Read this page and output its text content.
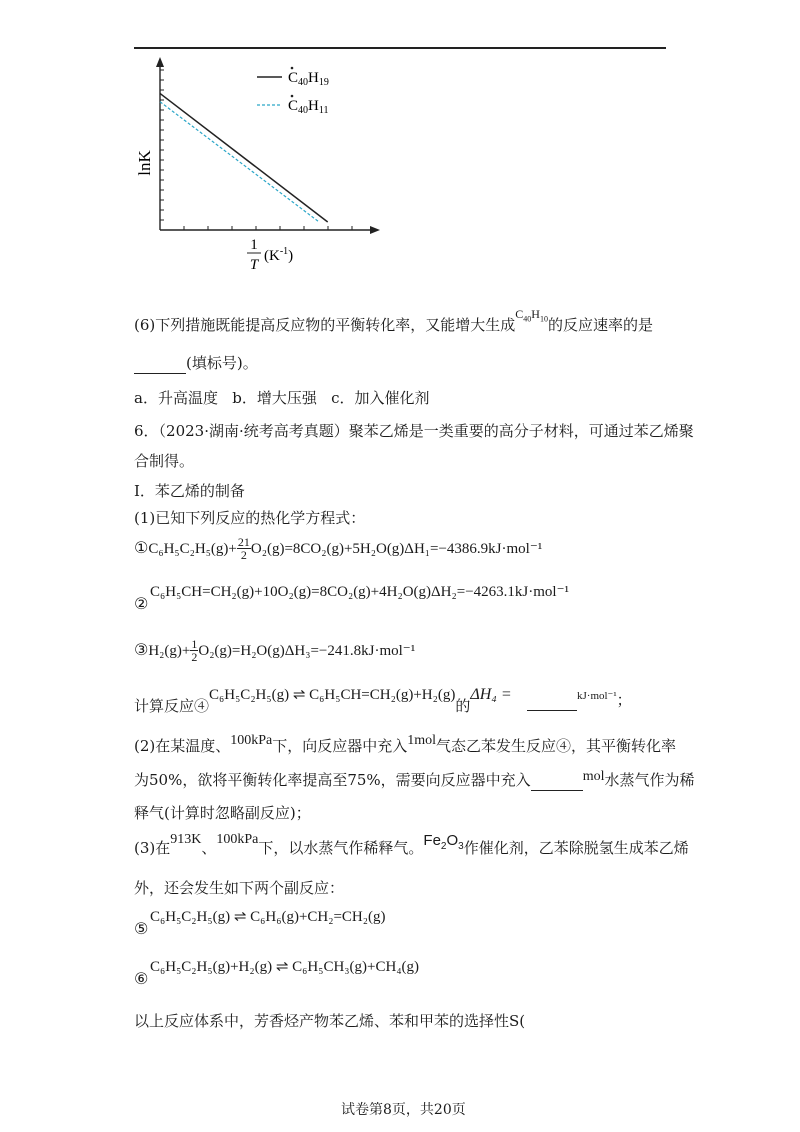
lnK
1
T
$(K^{-1})$
$C_{40}H_{19}$
$C_{40}H_{11}$
(6)下列措施既能提高反应物的平衡转化率，又能增大生成$^{C_{40}H_{10}}$的反应速率的是
(填标号)。
a．升高温度   b．增大压强   c．加入催化剂
6．（2023·湖南·统考高考真题）聚苯乙烯是一类重要的高分子材料，可通过苯乙烯聚
合制得。
Ⅰ．苯乙烯的制备
(1)已知下列反应的热化学方程式：
①C₆H₅C₂H₅(g)+ $\frac{21}{2} O_2(g)=8CO_2(g)+5H_2O(g)\Delta H_1=-4386.9kJ\cdot mol^{-1}$
C₆H₅CH=CH₂(g)+10O₂(g)=8CO₂(g)+4H₂O(g)ΔH₂=−4263.1kJ·mol⁻¹
②
③H₂(g)+ $\frac{1}{2} O_2(g)=H_2O(g)\Delta H_3=-241.8kJ\cdot mol^{-1}$
计算反应④C₆H₅C₂H₅(g) ⇌ C₆H₅CH=CH₂(g)+H₂(g)的ΔH₄ =	$^{kJ\cdot mol^{-1}}$；
(2)在某温度、100kPa下，向反应器中充入1mol气态乙苯发生反应④，其平衡转化率
为50%，欲将平衡转化率提高至75%，需要向反应器中充入	mol水蒸气作为稀
释气(计算时忽略副反应)；
(3)在913K、100kPa下，以水蒸气作稀释气。$Fe_2O_3$作催化剂，乙苯除脱氢生成苯乙烯
外，还会发生如下两个副反应：
C₆H₅C₂H₅(g) ⇌ C₆H₆(g)+CH₂=CH₂(g)
⑤
C₆H₅C₂H₅(g)+H₂(g) ⇌ C₆H₅CH₃(g)+CH₄(g)
⑥
以上反应体系中，芳香烃产物苯乙烯、苯和甲苯的选择性S(
试卷第8页，共20页
